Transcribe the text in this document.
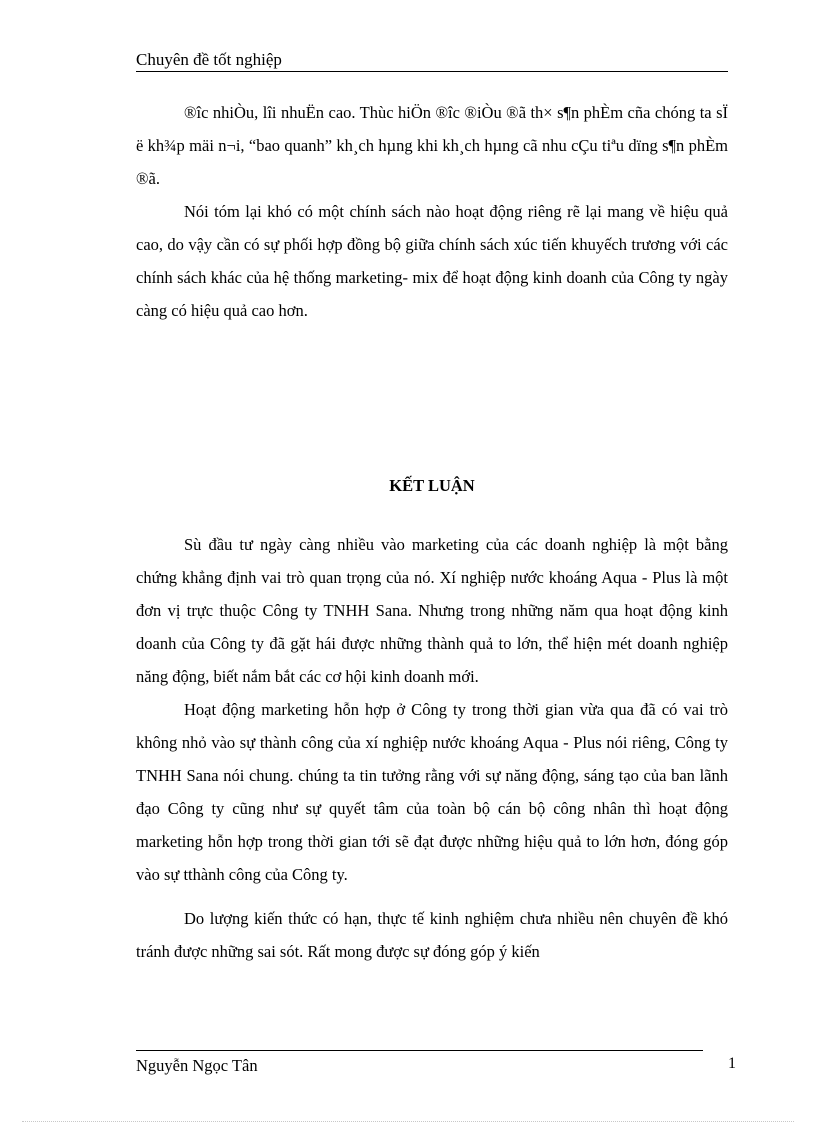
Chuyên đề tốt nghiệp

®îc nhiÒu, lîi nhuËn cao. Thùc hiÖn ®îc ®iÒu ®ã th× s¶n phÈm cña chóng ta sÏ ë kh¾p mäi n¬i, “bao quanh” kh¸ch hµng khi kh¸ch hµng cã nhu cÇu tiªu dïng s¶n phÈm ®ã.

Nói tóm lại khó có một chính sách nào hoạt động riêng rẽ lại mang về hiệu quả cao, do vậy cần có sự phối hợp đồng bộ giữa chính sách xúc tiến khuyếch trương với các chính sách khác của hệ thống marketing- mix để hoạt động kinh doanh của Công ty ngày càng có hiệu quả cao hơn.

KẾT LUẬN

Sù đầu tư ngày càng nhiều vào marketing của các doanh nghiệp là một bằng chứng khẳng định vai trò quan trọng của nó. Xí nghiệp nước khoáng Aqua - Plus là một đơn vị trực thuộc Công ty TNHH Sana. Nhưng trong những năm qua hoạt động kinh doanh của Công ty đã gặt hái được những thành quả to lớn, thể hiện mét doanh nghiệp năng động, biết nắm bắt các cơ hội kinh doanh mới.

Hoạt động marketing hỗn hợp ở Công ty trong thời gian vừa qua đã có vai trò không nhỏ vào sự thành công của xí nghiệp nước khoáng Aqua - Plus nói riêng, Công ty TNHH Sana nói chung. chúng ta tin tưởng rằng với sự năng động, sáng tạo của ban lãnh đạo Công ty cũng như sự quyết tâm của toàn bộ cán bộ công nhân thì hoạt động marketing hỗn hợp trong thời gian tới sẽ đạt được những hiệu quả to lớn hơn, đóng góp vào sự tthành công của Công ty.

Do lượng kiến thức có hạn, thực tế kinh nghiệm chưa nhiều nên chuyên đề khó tránh được những sai sót. Rất mong được sự đóng góp ý kiến

Nguyễn Ngọc Tân	1
